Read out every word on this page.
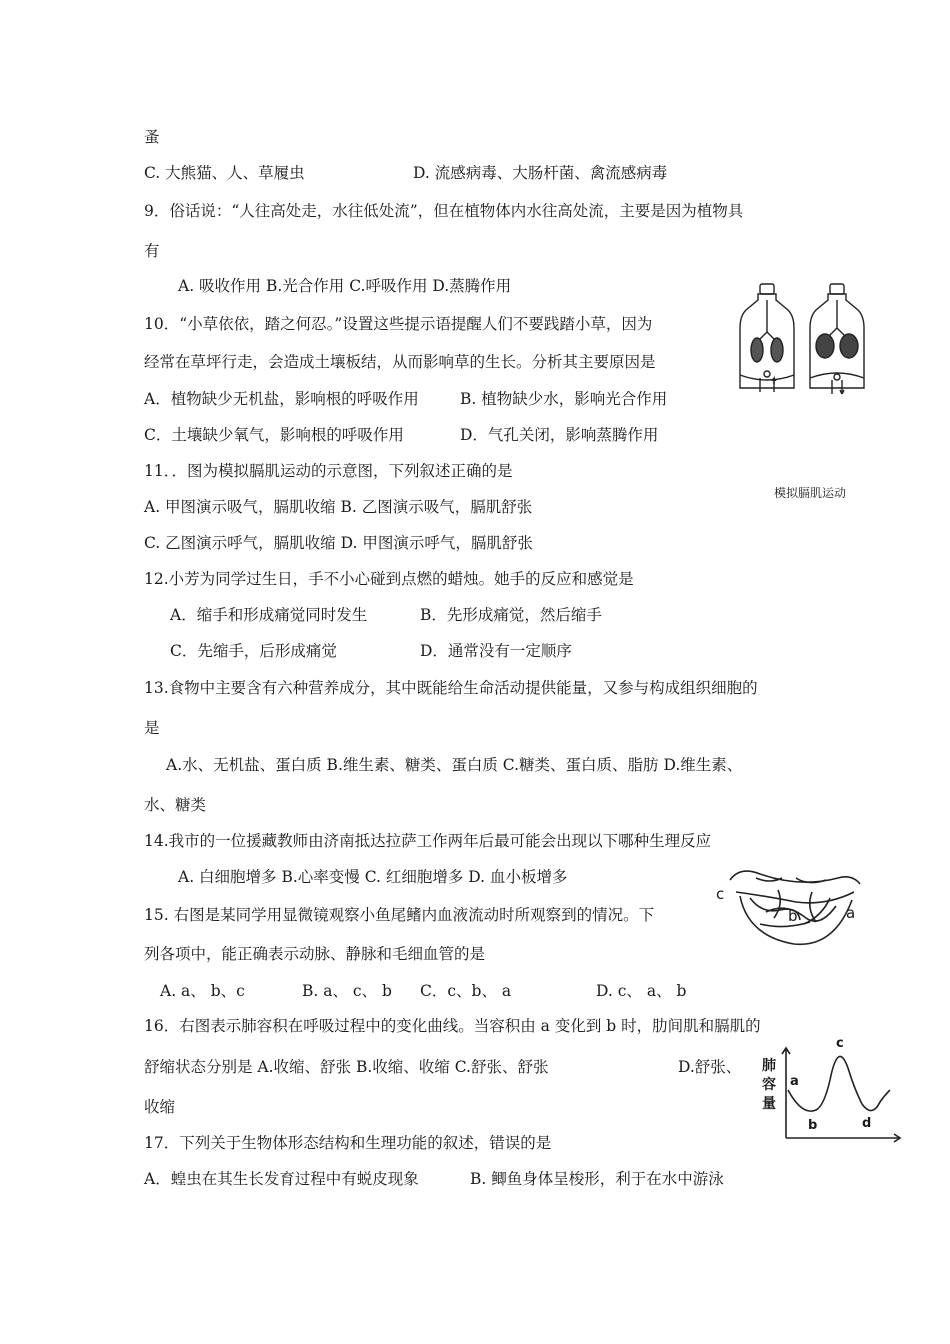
蚤
C. 大熊猫、人、草履虫	D. 流感病毒、大肠杆菌、禽流感病毒
9．俗话说：“人往高处走，水往低处流”，但在植物体内水往高处流，主要是因为植物具
有
A. 吸收作用 B.光合作用 C.呼吸作用 D.蒸腾作用
10．“小草依依，踏之何忍。”设置这些提示语提醒人们不要践踏小草，因为
经常在草坪行走，会造成土壤板结，从而影响草的生长。分析其主要原因是
A．植物缺少无机盐，影响根的呼吸作用	B. 植物缺少水，影响光合作用
C．土壤缺少氧气，影响根的呼吸作用	D．气孔关闭，影响蒸腾作用
11．．图为模拟膈肌运动的示意图，下列叙述正确的是
A. 甲图演示吸气，膈肌收缩 B. 乙图演示吸气，膈肌舒张
C. 乙图演示呼气，膈肌收缩 D. 甲图演示呼气，膈肌舒张
12.小芳为同学过生日，手不小心碰到点燃的蜡烛。她手的反应和感觉是
A．缩手和形成痛觉同时发生	B．先形成痛觉，然后缩手
C．先缩手，后形成痛觉	D．通常没有一定顺序
13.食物中主要含有六种营养成分，其中既能给生命活动提供能量，又参与构成组织细胞的
是
A.水、无机盐、蛋白质 B.维生素、糖类、蛋白质 C.糖类、蛋白质、脂肪 D.维生素、
水、糖类
14.我市的一位援藏教师由济南抵达拉萨工作两年后最可能会出现以下哪种生理反应
A. 白细胞增多 B.心率变慢 C. 红细胞增多 D. 血小板增多
15. 右图是某同学用显微镜观察小鱼尾鳍内血液流动时所观察到的情况。下
列各项中，能正确表示动脉、静脉和毛细血管的是
A. a、 b、c	B. a、 c、 b C．c、b、 a	D. c、 a、 b
16．右图表示肺容积在呼吸过程中的变化曲线。当容积由 a 变化到 b 时，肋间肌和膈肌的
舒缩状态分别是 A.收缩、舒张 B.收缩、收缩 C.舒张、舒张	D.舒张、
收缩
17．下列关于生物体形态结构和生理功能的叙述，错误的是
A．蝗虫在其生长发育过程中有蜕皮现象	B. 鲫鱼身体呈梭形，利于在水中游泳
模拟膈肌运动
c
b	a
肺
容
量
a
b
c
d
